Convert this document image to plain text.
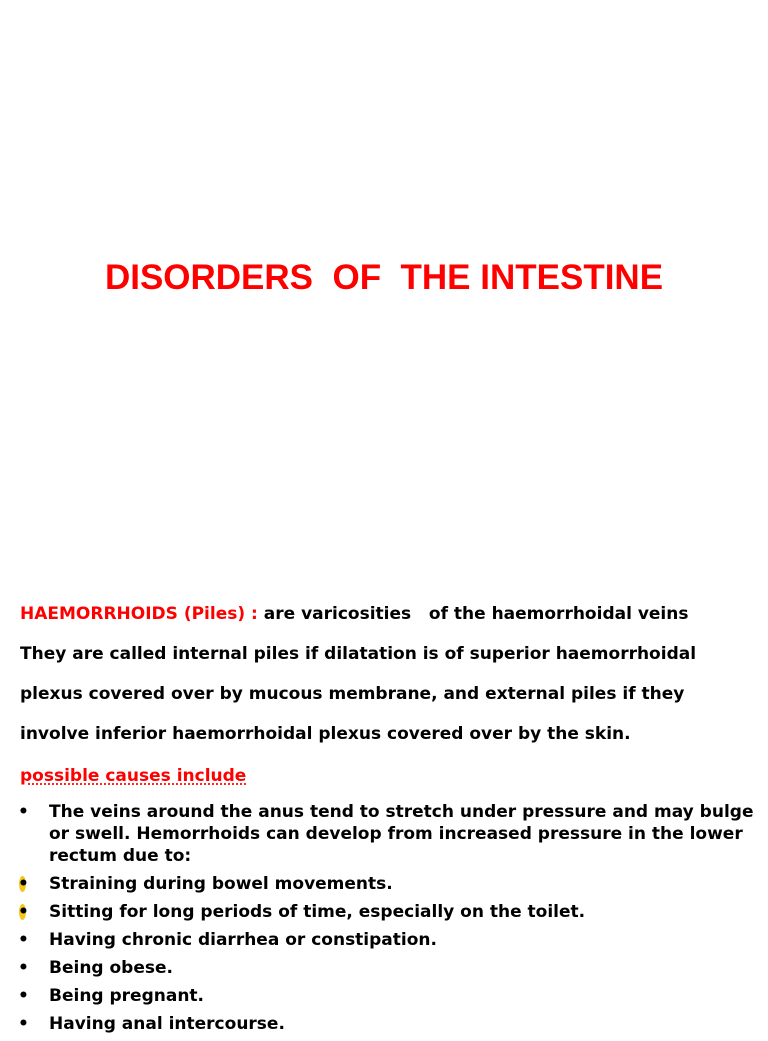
DISORDERS  OF  THE INTESTINE
HAEMORRHOIDS (Piles) : are varicosities   of the haemorrhoidal veins
They are called internal piles if dilatation is of superior haemorrhoidal
plexus covered over by mucous membrane, and external piles if they
involve inferior haemorrhoidal plexus covered over by the skin.
possible causes include
•	The veins around the anus tend to stretch under pressure and may bulge or swell. Hemorrhoids can develop from increased pressure in the lower rectum due to:
•	Straining during bowel movements.
•	Sitting for long periods of time, especially on the toilet.
•	Having chronic diarrhea or constipation.
•	Being obese.
•	Being pregnant.
•	Having anal intercourse.
